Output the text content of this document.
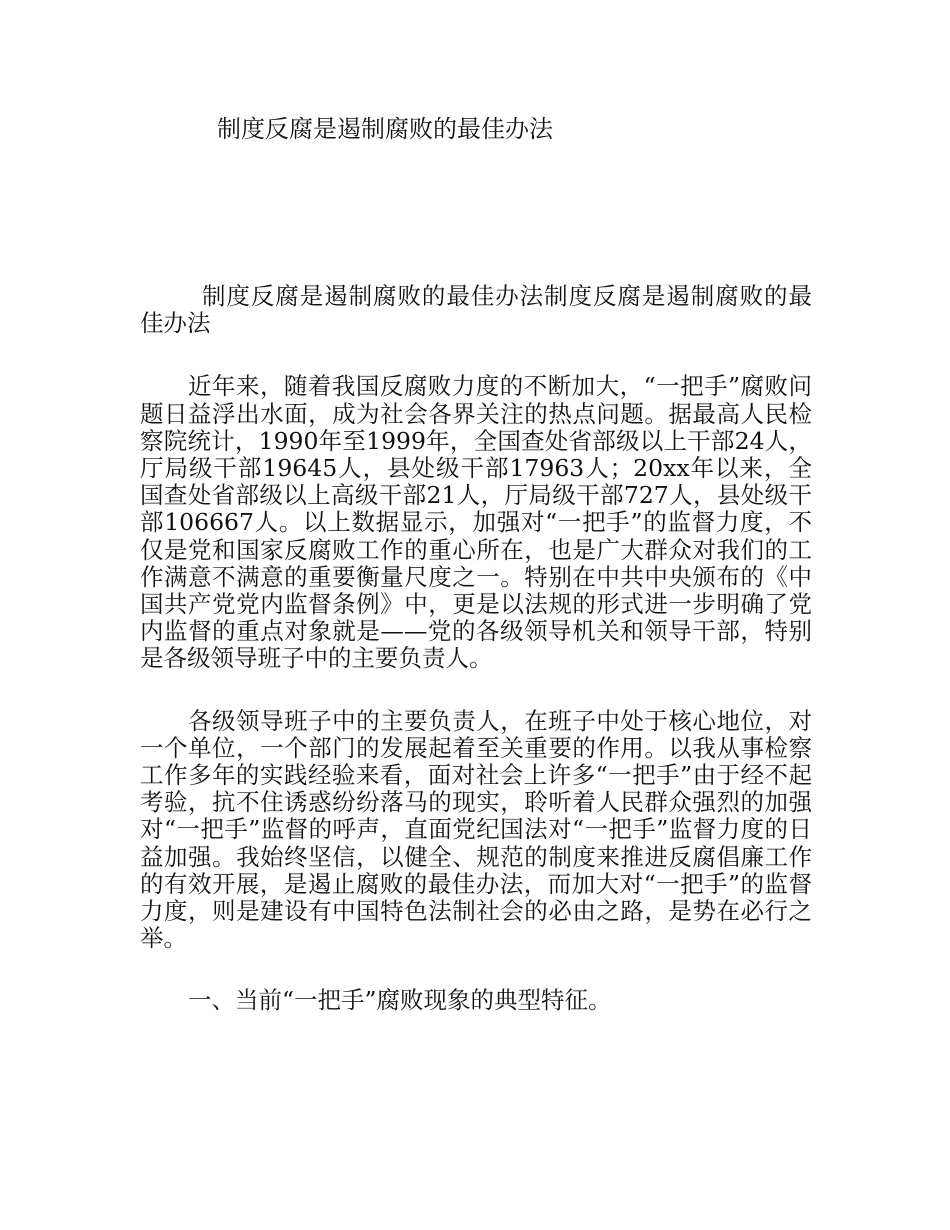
制度反腐是遏制腐败的最佳办法

制度反腐是遏制腐败的最佳办法制度反腐是遏制腐败的最佳办法

近年来，随着我国反腐败力度的不断加大，“一把手”腐败问题日益浮出水面，成为社会各界关注的热点问题。据最高人民检察院统计，1990年至1999年，全国查处省部级以上干部24人，厅局级干部19645人，县处级干部17963人；20xx年以来，全国查处省部级以上高级干部21人，厅局级干部727人，县处级干部106667人。以上数据显示，加强对“一把手”的监督力度，不仅是党和国家反腐败工作的重心所在，也是广大群众对我们的工作满意不满意的重要衡量尺度之一。特别在中共中央颁布的《中国共产党党内监督条例》中，更是以法规的形式进一步明确了党内监督的重点对象就是——党的各级领导机关和领导干部，特别是各级领导班子中的主要负责人。

各级领导班子中的主要负责人，在班子中处于核心地位，对一个单位，一个部门的发展起着至关重要的作用。以我从事检察工作多年的实践经验来看，面对社会上许多“一把手”由于经不起考验，抗不住诱惑纷纷落马的现实，聆听着人民群众强烈的加强对“一把手”监督的呼声，直面党纪国法对“一把手”监督力度的日益加强。我始终坚信，以健全、规范的制度来推进反腐倡廉工作的有效开展，是遏止腐败的最佳办法，而加大对“一把手”的监督力度，则是建设有中国特色法制社会的必由之路，是势在必行之举。

一、当前“一把手”腐败现象的典型特征。
